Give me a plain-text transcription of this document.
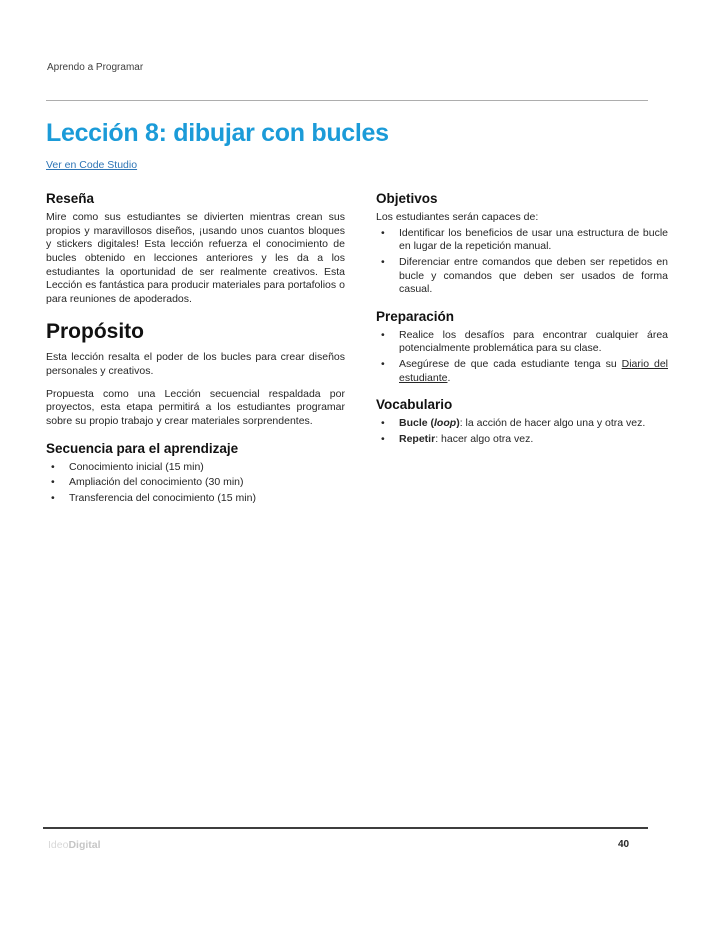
Aprendo a Programar
Lección 8: dibujar con bucles
Ver en Code Studio
Reseña

Mire como sus estudiantes se divierten mientras crean sus propios y maravillosos diseños, ¡usando unos cuantos bloques y stickers digitales! Esta lección refuerza el conocimiento de bucles obtenido en lecciones anteriores y les da a los estudiantes la oportunidad de ser realmente creativos. Esta Lección es fantástica para producir materiales para portafolios o para reuniones de apoderados.

Propósito

Esta lección resalta el poder de los bucles para crear diseños personales y creativos.

Propuesta como una Lección secuencial respaldada por proyectos, esta etapa permitirá a los estudiantes programar sobre su propio trabajo y crear materiales sorprendentes.

Secuencia para el aprendizaje
• Conocimiento inicial (15 min)
• Ampliación del conocimiento (30 min)
• Transferencia del conocimiento (15 min)
Objetivos

Los estudiantes serán capaces de:

• Identificar los beneficios de usar una estructura de bucle en lugar de la repetición manual.
• Diferenciar entre comandos que deben ser repetidos en bucle y comandos que deben ser usados de forma casual.
Preparación
• Realice los desafíos para encontrar cualquier área potencialmente problemática para su clase.
• Asegúrese de que cada estudiante tenga su Diario del estudiante.
Vocabulario
• Bucle (loop): la acción de hacer algo una y otra vez.
• Repetir: hacer algo otra vez.
IdeoDigital	40
